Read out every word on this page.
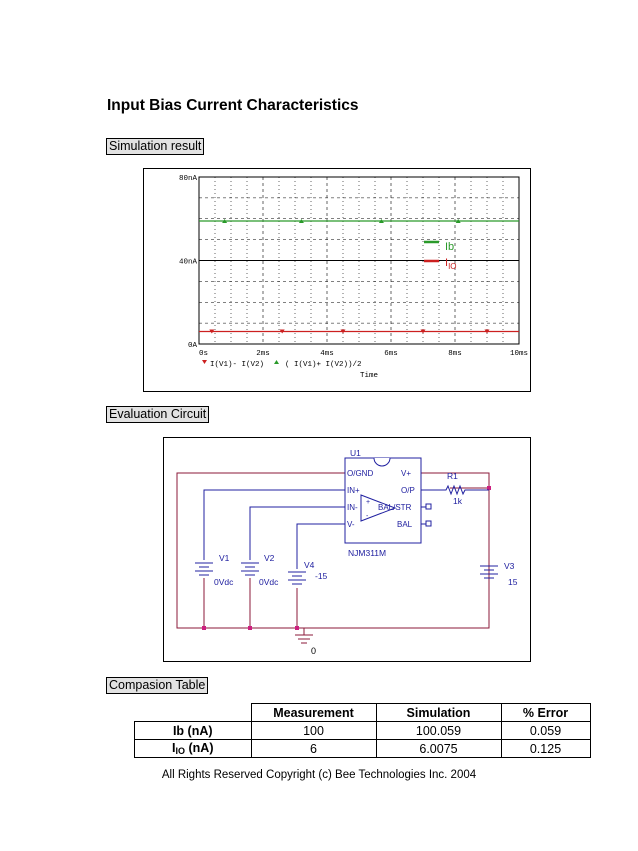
Input Bias Current Characteristics
Simulation result
0s	2ms	4ms	6ms	8ms	10ms
0A
40nA
80nA
I(V1)- I(V2)	( I(V1)+ I(V2))/2
Time
Ib
$I_{IO}$
Evaluation Circuit
U1
NJM311M
O/GND	V+
IN+	O/P
IN-	BAL/STR
V-	BAL
+
-
R1
1k
V1
0Vdc
V2
0Vdc
V4
-15
V3
15
0
Compasion Table
	Measurement	Simulation	% Error
Ib (nA)	100	100.059	0.059
$I_{IO}$ (nA)	6	6.0075	0.125
All Rights Reserved Copyright (c) Bee Technologies Inc. 2004
